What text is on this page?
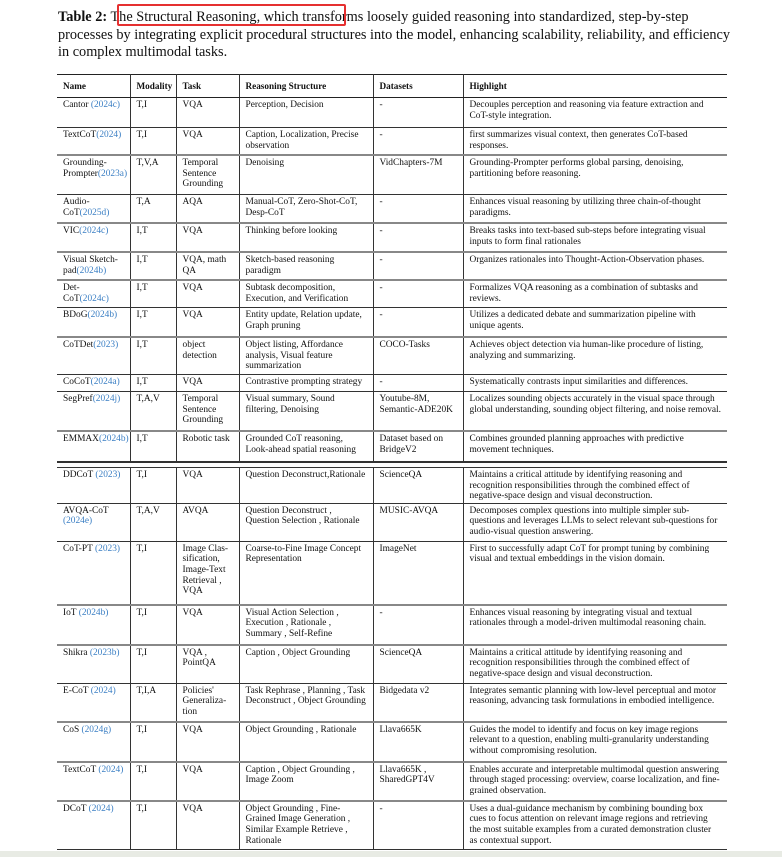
Table 2: The Structural Reasoning, which transforms loosely guided reasoning into standardized, step-by-step processes by integrating explicit procedural structures into the model, enhancing scalability, reliability, and efficiency in complex multimodal tasks.
Name	Modality	Task	Reasoning Structure	Datasets	Highlight
Cantor (2024c)	T,I	VQA	Perception, Decision	-	Decouples perception and reasoning via feature extraction and CoT-style integration.
TextCoT(2024)	T,I	VQA	Caption, Localization, Precise observation	-	first summarizes visual context, then generates CoT-based responses.
Grounding-Prompter(2023a)	T,V,A	Temporal Sentence Grounding	Denoising	VidChapters-7M	Grounding-Prompter performs global parsing, denoising, partitioning before reasoning.
Audio-CoT(2025d)	T,A	AQA	Manual-CoT, Zero-Shot-CoT, Desp-CoT	-	Enhances visual reasoning by utilizing three chain-of-thought paradigms.
VIC(2024c)	I,T	VQA	Thinking before looking	-	Breaks tasks into text-based sub-steps before integrating visual inputs to form final rationales
Visual Sketch-pad(2024b)	I,T	VQA, math QA	Sketch-based reasoning paradigm	-	Organizes rationales into Thought-Action-Observation phases.
Det-CoT(2024c)	I,T	VQA	Subtask decomposition, Execution, and Verification	-	Formalizes VQA reasoning as a combination of subtasks and reviews.
BDoG(2024b)	I,T	VQA	Entity update, Relation update, Graph pruning	-	Utilizes a dedicated debate and summarization pipeline with unique agents.
CoTDet(2023)	I,T	object detection	Object listing, Affordance analysis, Visual feature summarization	COCO-Tasks	Achieves object detection via human-like procedure of listing, analyzing and summarizing.
CoCoT(2024a)	I,T	VQA	Contrastive prompting strategy	-	Systematically contrasts input similarities and differences.
SegPref(2024j)	T,A,V	Temporal Sentence Grounding	Visual summary, Sound filtering, Denoising	Youtube-8M, Semantic-ADE20K	Localizes sounding objects accurately in the visual space through global understanding, sounding object filtering, and noise removal.
EMMAX(2024b)	I,T	Robotic task	Grounded CoT reasoning, Look-ahead spatial reasoning	Dataset based on BridgeV2	Combines grounded planning approaches with predictive movement techniques.

DDCoT (2023)	T,I	VQA	Question Deconstruct,Rationale	ScienceQA	Maintains a critical attitude by identifying reasoning and recognition responsibilities through the combined effect of negative-space design and visual deconstruction.
AVQA-CoT (2024e)	T,A,V	AVQA	Question Deconstruct , Question Selection , Rationale	MUSIC-AVQA	Decomposes complex questions into multiple simpler sub-questions and leverages LLMs to select relevant sub-questions for audio-visual question answering.
CoT-PT (2023)	T,I	Image Clas-sification, Image-Text Retrieval , VQA	Coarse-to-Fine Image Concept Representation	ImageNet	First to successfully adapt CoT for prompt tuning by combining visual and textual embeddings in the vision domain.
IoT (2024b)	T,I	VQA	Visual Action Selection , Execution , Rationale , Summary , Self-Refine	-	Enhances visual reasoning by integrating visual and textual rationales through a model-driven multimodal reasoning chain.
Shikra (2023b)	T,I	VQA , PointQA	Caption , Object Grounding	ScienceQA	Maintains a critical attitude by identifying reasoning and recognition responsibilities through the combined effect of negative-space design and visual deconstruction.
E-CoT (2024)	T,I,A	Policies' Generaliza-tion	Task Rephrase , Planning , Task Deconstruct , Object Grounding	Bidgedata v2	Integrates semantic planning with low-level perceptual and motor reasoning, advancing task formulations in embodied intelligence.
CoS (2024g)	T,I	VQA	Object Grounding , Rationale	Llava665K	Guides the model to identify and focus on key image regions relevant to a question, enabling multi-granularity understanding without compromising resolution.
TextCoT (2024)	T,I	VQA	Caption , Object Grounding , Image Zoom	Llava665K , SharedGPT4V	Enables accurate and interpretable multimodal question answering through staged processing: overview, coarse localization, and fine-grained observation.
DCoT (2024)	T,I	VQA	Object Grounding , Fine-Grained Image Generation , Similar Example Retrieve , Rationale	-	Uses a dual-guidance mechanism by combining bounding box cues to focus attention on relevant image regions and retrieving the most suitable examples from a curated demonstration cluster as contextual support.
